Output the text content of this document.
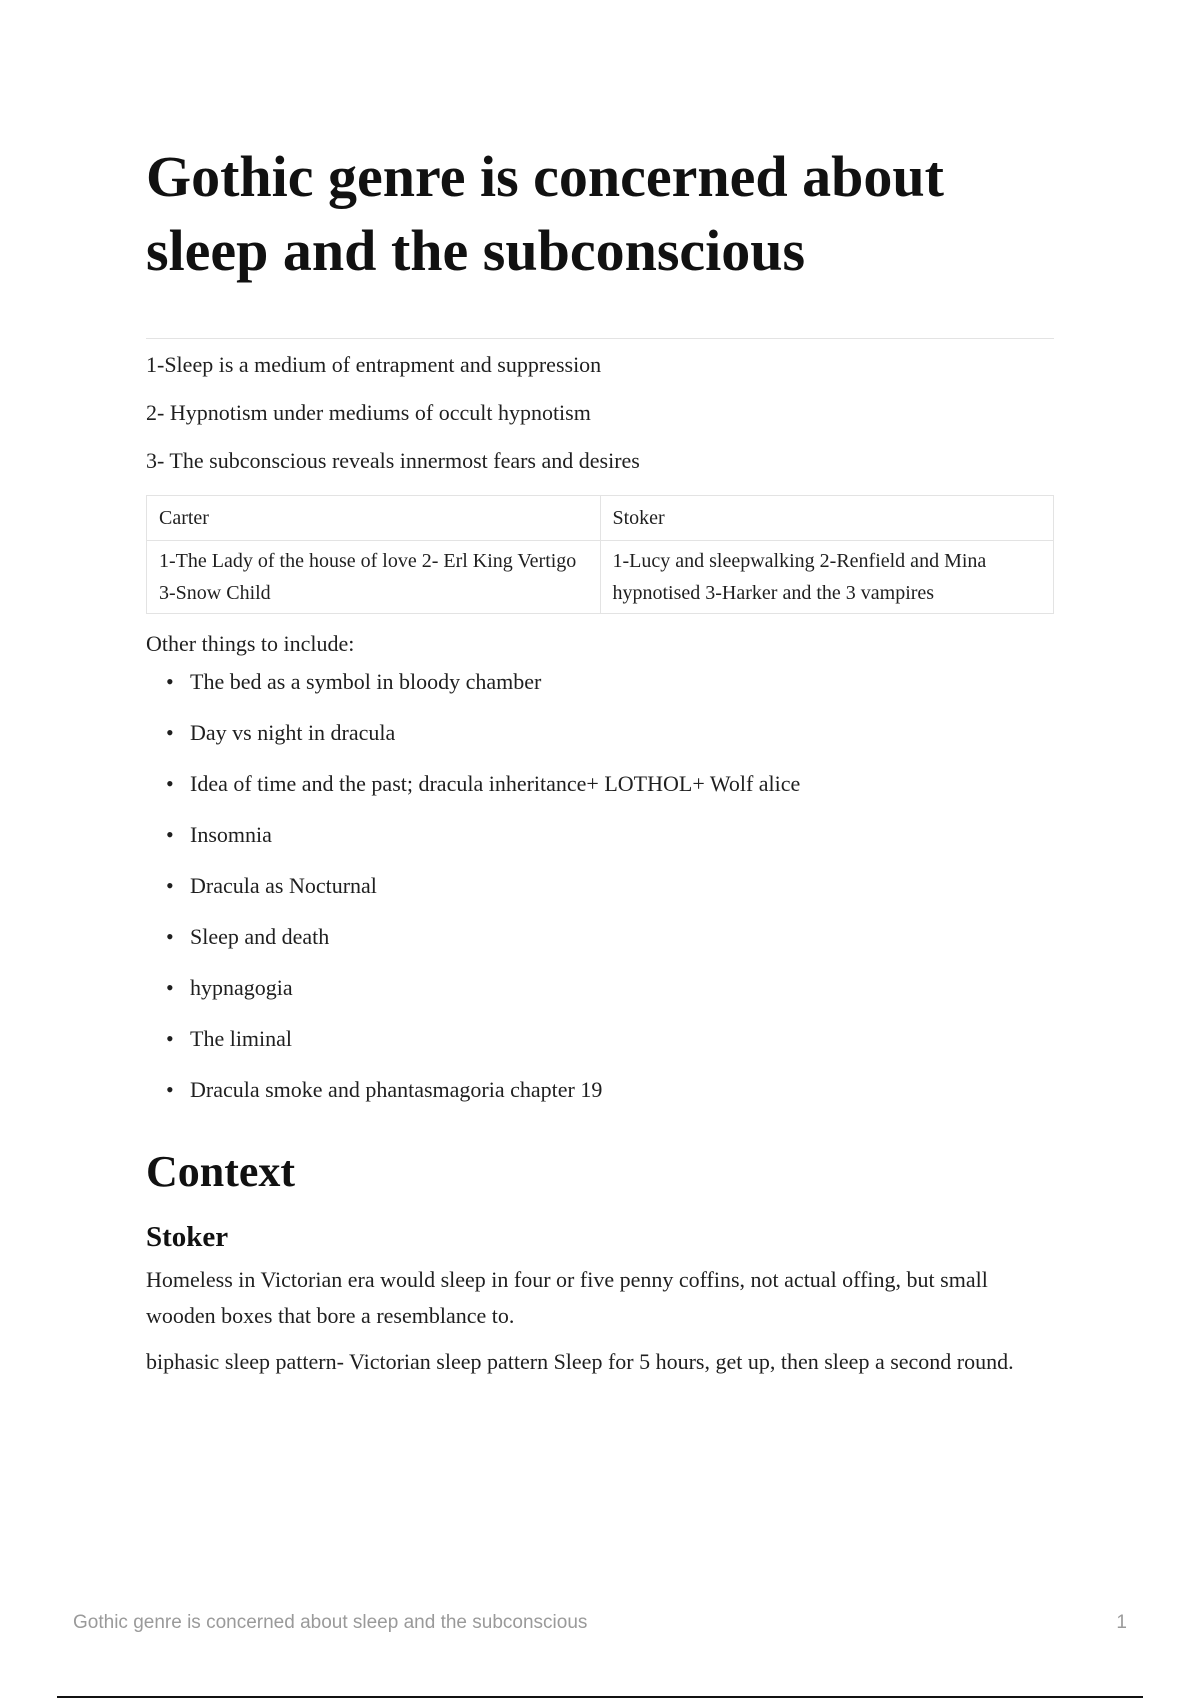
Gothic genre is concerned about sleep and the subconscious

1-Sleep is a medium of entrapment and suppression

2- Hypnotism under mediums of occult hypnotism

3- The subconscious reveals innermost fears and desires

Carter	Stoker
1-The Lady of the house of love 2- Erl King Vertigo 3-Snow Child	1-Lucy and sleepwalking 2-Renfield and Mina hypnotised 3-Harker and the 3 vampires

Other things to include:

• The bed as a symbol in bloody chamber
• Day vs night in dracula
• Idea of time and the past; dracula inheritance+ LOTHOL+ Wolf alice
• Insomnia
• Dracula as Nocturnal
• Sleep and death
• hypnagogia
• The liminal
• Dracula smoke and phantasmagoria chapter 19
Context
Stoker

Homeless in Victorian era would sleep in four or five penny coffins, not actual offing, but small wooden boxes that bore a resemblance to.

biphasic sleep pattern- Victorian sleep pattern Sleep for 5 hours, get up, then sleep a second round.

Gothic genre is concerned about sleep and the subconscious	1
